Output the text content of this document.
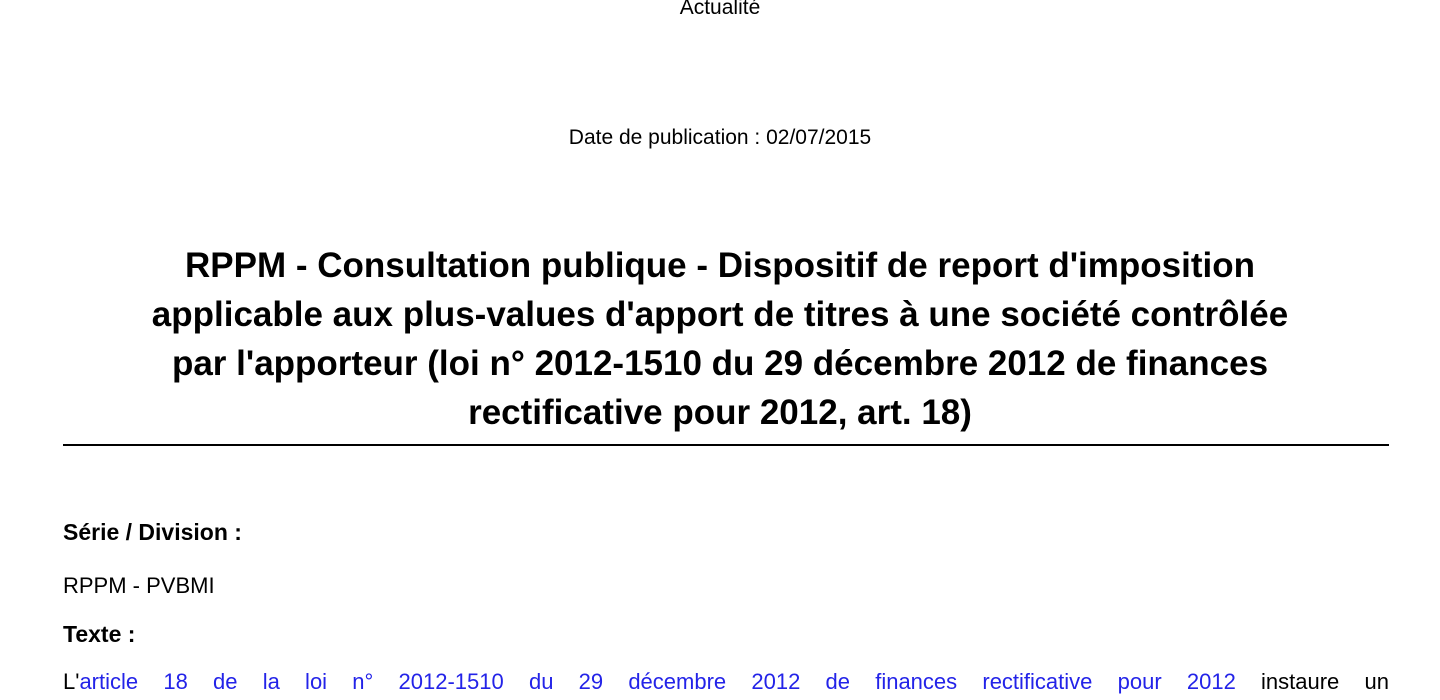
Actualité
Date de publication : 02/07/2015
RPPM - Consultation publique - Dispositif de report d'imposition applicable aux plus-values d'apport de titres à une société contrôlée par l'apporteur (loi n° 2012-1510 du 29 décembre 2012 de finances rectificative pour 2012, art. 18)
Série / Division :
RPPM - PVBMI
Texte :
L'article 18 de la loi n° 2012-1510 du 29 décembre 2012 de finances rectificative pour 2012 instaure un
